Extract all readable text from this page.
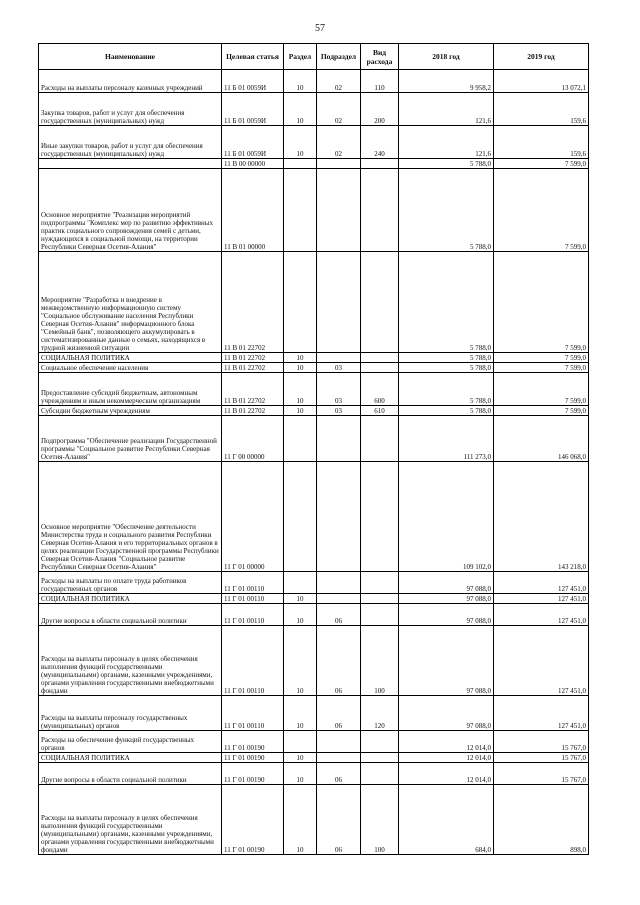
57
Наименование	Целевая статья	Раздел	Подраздел	Вид расхода	2018 год	2019 год
Расходы на выплаты персоналу казенных учреждений	11 Б 01 0059И	10	02	110	9 958,2	13 072,1
Закупка товаров, работ и услуг для обеспечения государственных (муниципальных) нужд	11 Б 01 0059И	10	02	200	121,6	159,6
Иные закупки товаров, работ и услуг для обеспечения государственных (муниципальных) нужд	11 Б 01 0059И	10	02	240	121,6	159,6
	11 В 00 00000				5 788,0	7 599,0
Основное мероприятие "Реализация мероприятий подпрограммы "Комплекс мер по развитию эффективных практик социального сопровождения семей с детьми, нуждающихся в социальной помощи, на территории Республики Северная Осетия-Алания"	11 В 01 00000				5 788,0	7 599,0
Мероприятие "Разработка и внедрение в межведомственную информационную систему "Социальное обслуживание населения Республики Северная Осетия-Алания" информационного блока "Семейный банк", позволяющего аккумулировать в систематизированные данные о семьях, находящихся в трудной жизненной ситуации	11 В 01 22702				5 788,0	7 599,0
СОЦИАЛЬНАЯ ПОЛИТИКА	11 В 01 22702	10			5 788,0	7 599,0
Социальное обеспечение населения	11 В 01 22702	10	03		5 788,0	7 599,0
Предоставление субсидий бюджетным, автономным учреждениям и иным некоммерческим организациям	11 В 01 22702	10	03	600	5 788,0	7 599,0
Субсидии бюджетным учреждениям	11 В 01 22702	10	03	610	5 788,0	7 599,0
Подпрограмма "Обеспечение реализации Государственной программы "Социальное развитие Республики Северная Осетия-Алания"	11 Г 00 00000				111 273,0	146 068,0
Основное мероприятие "Обеспечение деятельности Министерства труда и социального развития Республики Северная Осетия-Алания и его территориальных органов в целях реализации Государственной программы Республики Северная Осетия-Алания "Социальное развитие Республики Северная Осетия-Алания"	11 Г 01 00000				109 102,0	143 218,0
Расходы на выплаты по оплате труда работников государственных органов	11 Г 01 00110				97 088,0	127 451,0
СОЦИАЛЬНАЯ ПОЛИТИКА	11 Г 01 00110	10			97 088,0	127 451,0
Другие вопросы в области социальной политики	11 Г 01 00110	10	06		97 088,0	127 451,0
Расходы на выплаты персоналу в целях обеспечения выполнения функций государственными (муниципальными) органами, казенными учреждениями, органами управления государственными внебюджетными фондами	11 Г 01 00110	10	06	100	97 088,0	127 451,0
Расходы на выплаты персоналу государственных (муниципальных) органов	11 Г 01 00110	10	06	120	97 088,0	127 451,0
Расходы на обеспечение функций государственных органов	11 Г 01 00190				12 014,0	15 767,0
СОЦИАЛЬНАЯ ПОЛИТИКА	11 Г 01 00190	10			12 014,0	15 767,0
Другие вопросы в области социальной политики	11 Г 01 00190	10	06		12 014,0	15 767,0
Расходы на выплаты персоналу в целях обеспечения выполнения функций государственными (муниципальными) органами, казенными учреждениями, органами управления государственными внебюджетными фондами	11 Г 01 00190	10	06	100	684,0	898,0
